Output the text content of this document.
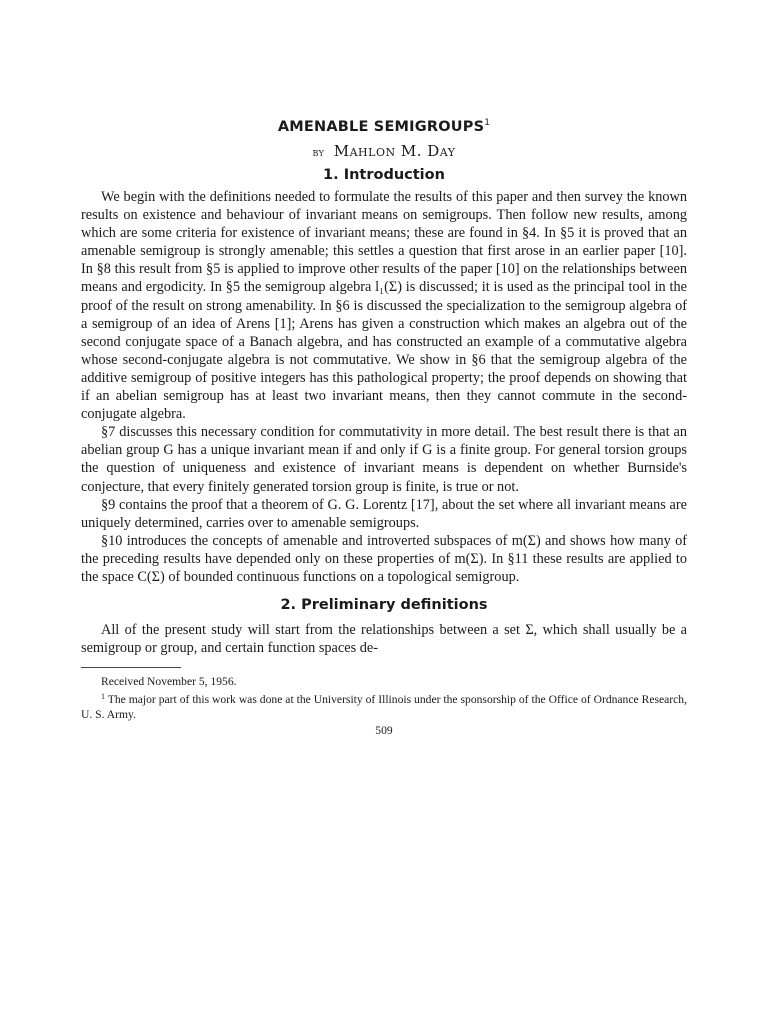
AMENABLE SEMIGROUPS$^1$
by Mahlon M. Day
1. Introduction

We begin with the definitions needed to formulate the results of this paper and then survey the known results on existence and behaviour of invariant means on semigroups. Then follow new results, among which are some criteria for existence of invariant means; these are found in §4. In §5 it is proved that an amenable semigroup is strongly amenable; this settles a question that first arose in an earlier paper [10]. In §8 this result from §5 is applied to improve other results of the paper [10] on the relationships between means and ergodicity. In §5 the semigroup algebra l₁(Σ) is discussed; it is used as the principal tool in the proof of the result on strong amenability. In §6 is discussed the specialization to the semigroup algebra of a semigroup of an idea of Arens [1]; Arens has given a construction which makes an algebra out of the second conjugate space of a Banach algebra, and has constructed an example of a commutative algebra whose second-conjugate algebra is not commutative. We show in §6 that the semigroup algebra of the additive semigroup of positive integers has this pathological property; the proof depends on showing that if an abelian semigroup has at least two invariant means, then they cannot commute in the second-conjugate algebra.

§7 discusses this necessary condition for commutativity in more detail. The best result there is that an abelian group G has a unique invariant mean if and only if G is a finite group. For general torsion groups the question of uniqueness and existence of invariant means is dependent on whether Burnside's conjecture, that every finitely generated torsion group is finite, is true or not.

§9 contains the proof that a theorem of G. G. Lorentz [17], about the set where all invariant means are uniquely determined, carries over to amenable semigroups.

§10 introduces the concepts of amenable and introverted subspaces of m(Σ) and shows how many of the preceding results have depended only on these properties of m(Σ). In §11 these results are applied to the space C(Σ) of bounded continuous functions on a topological semigroup.

2. Preliminary definitions

All of the present study will start from the relationships between a set Σ, which shall usually be a semigroup or group, and certain function spaces de-

Received November 5, 1956.

$^1$ The major part of this work was done at the University of Illinois under the sponsorship of the Office of Ordnance Research, U. S. Army.

509
